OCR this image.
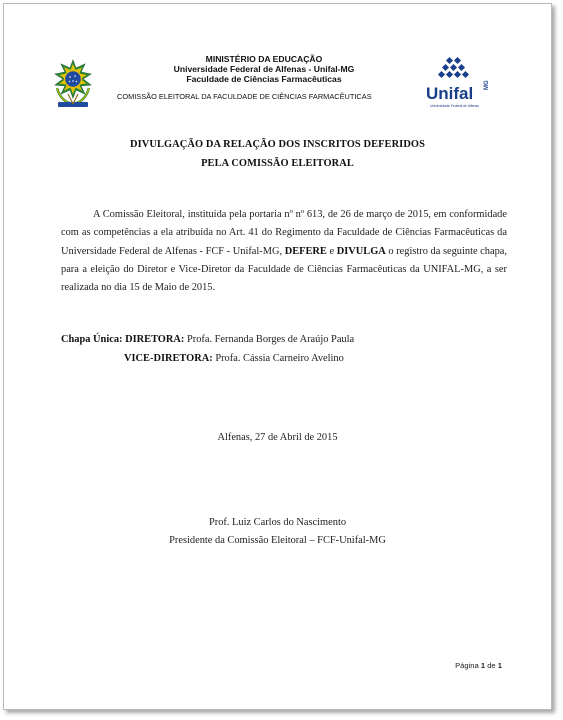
MINISTÉRIO DA EDUCAÇÃO
Universidade Federal de Alfenas - Unifal-MG
Faculdade de Ciências Farmacêuticas
COMISSÃO ELEITORAL DA FACULDADE DE CIÊNCIAS FARMACÊUTICAS	Unifal MG
Universidade Federal de Alfenas
DIVULGAÇÃO DA RELAÇÃO DOS INSCRITOS DEFERIDOS
PELA COMISSÃO ELEITORAL
A Comissão Eleitoral, instituída pela portaria nº nº 613, de 26 de março de 2015, em conformidade com as competências a ela atribuída no Art. 41 do Regimento da Faculdade de Ciências Farmacêuticas da Universidade Federal de Alfenas - FCF - Unifal-MG, DEFERE e DIVULGA o registro da seguinte chapa, para a eleição do Diretor e Vice-Diretor da Faculdade de Ciências Farmacêuticas da UNIFAL-MG, a ser realizada no dia 15 de Maio de 2015.
Chapa Única: DIRETORA: Profa. Fernanda Borges de Araújo Paula
VICE-DIRETORA: Profa. Cássia Carneiro Avelino
Alfenas, 27 de Abril de 2015
Prof. Luiz Carlos do Nascimento
Presidente da Comissão Eleitoral – FCF-Unifal-MG
Página 1 de 1
